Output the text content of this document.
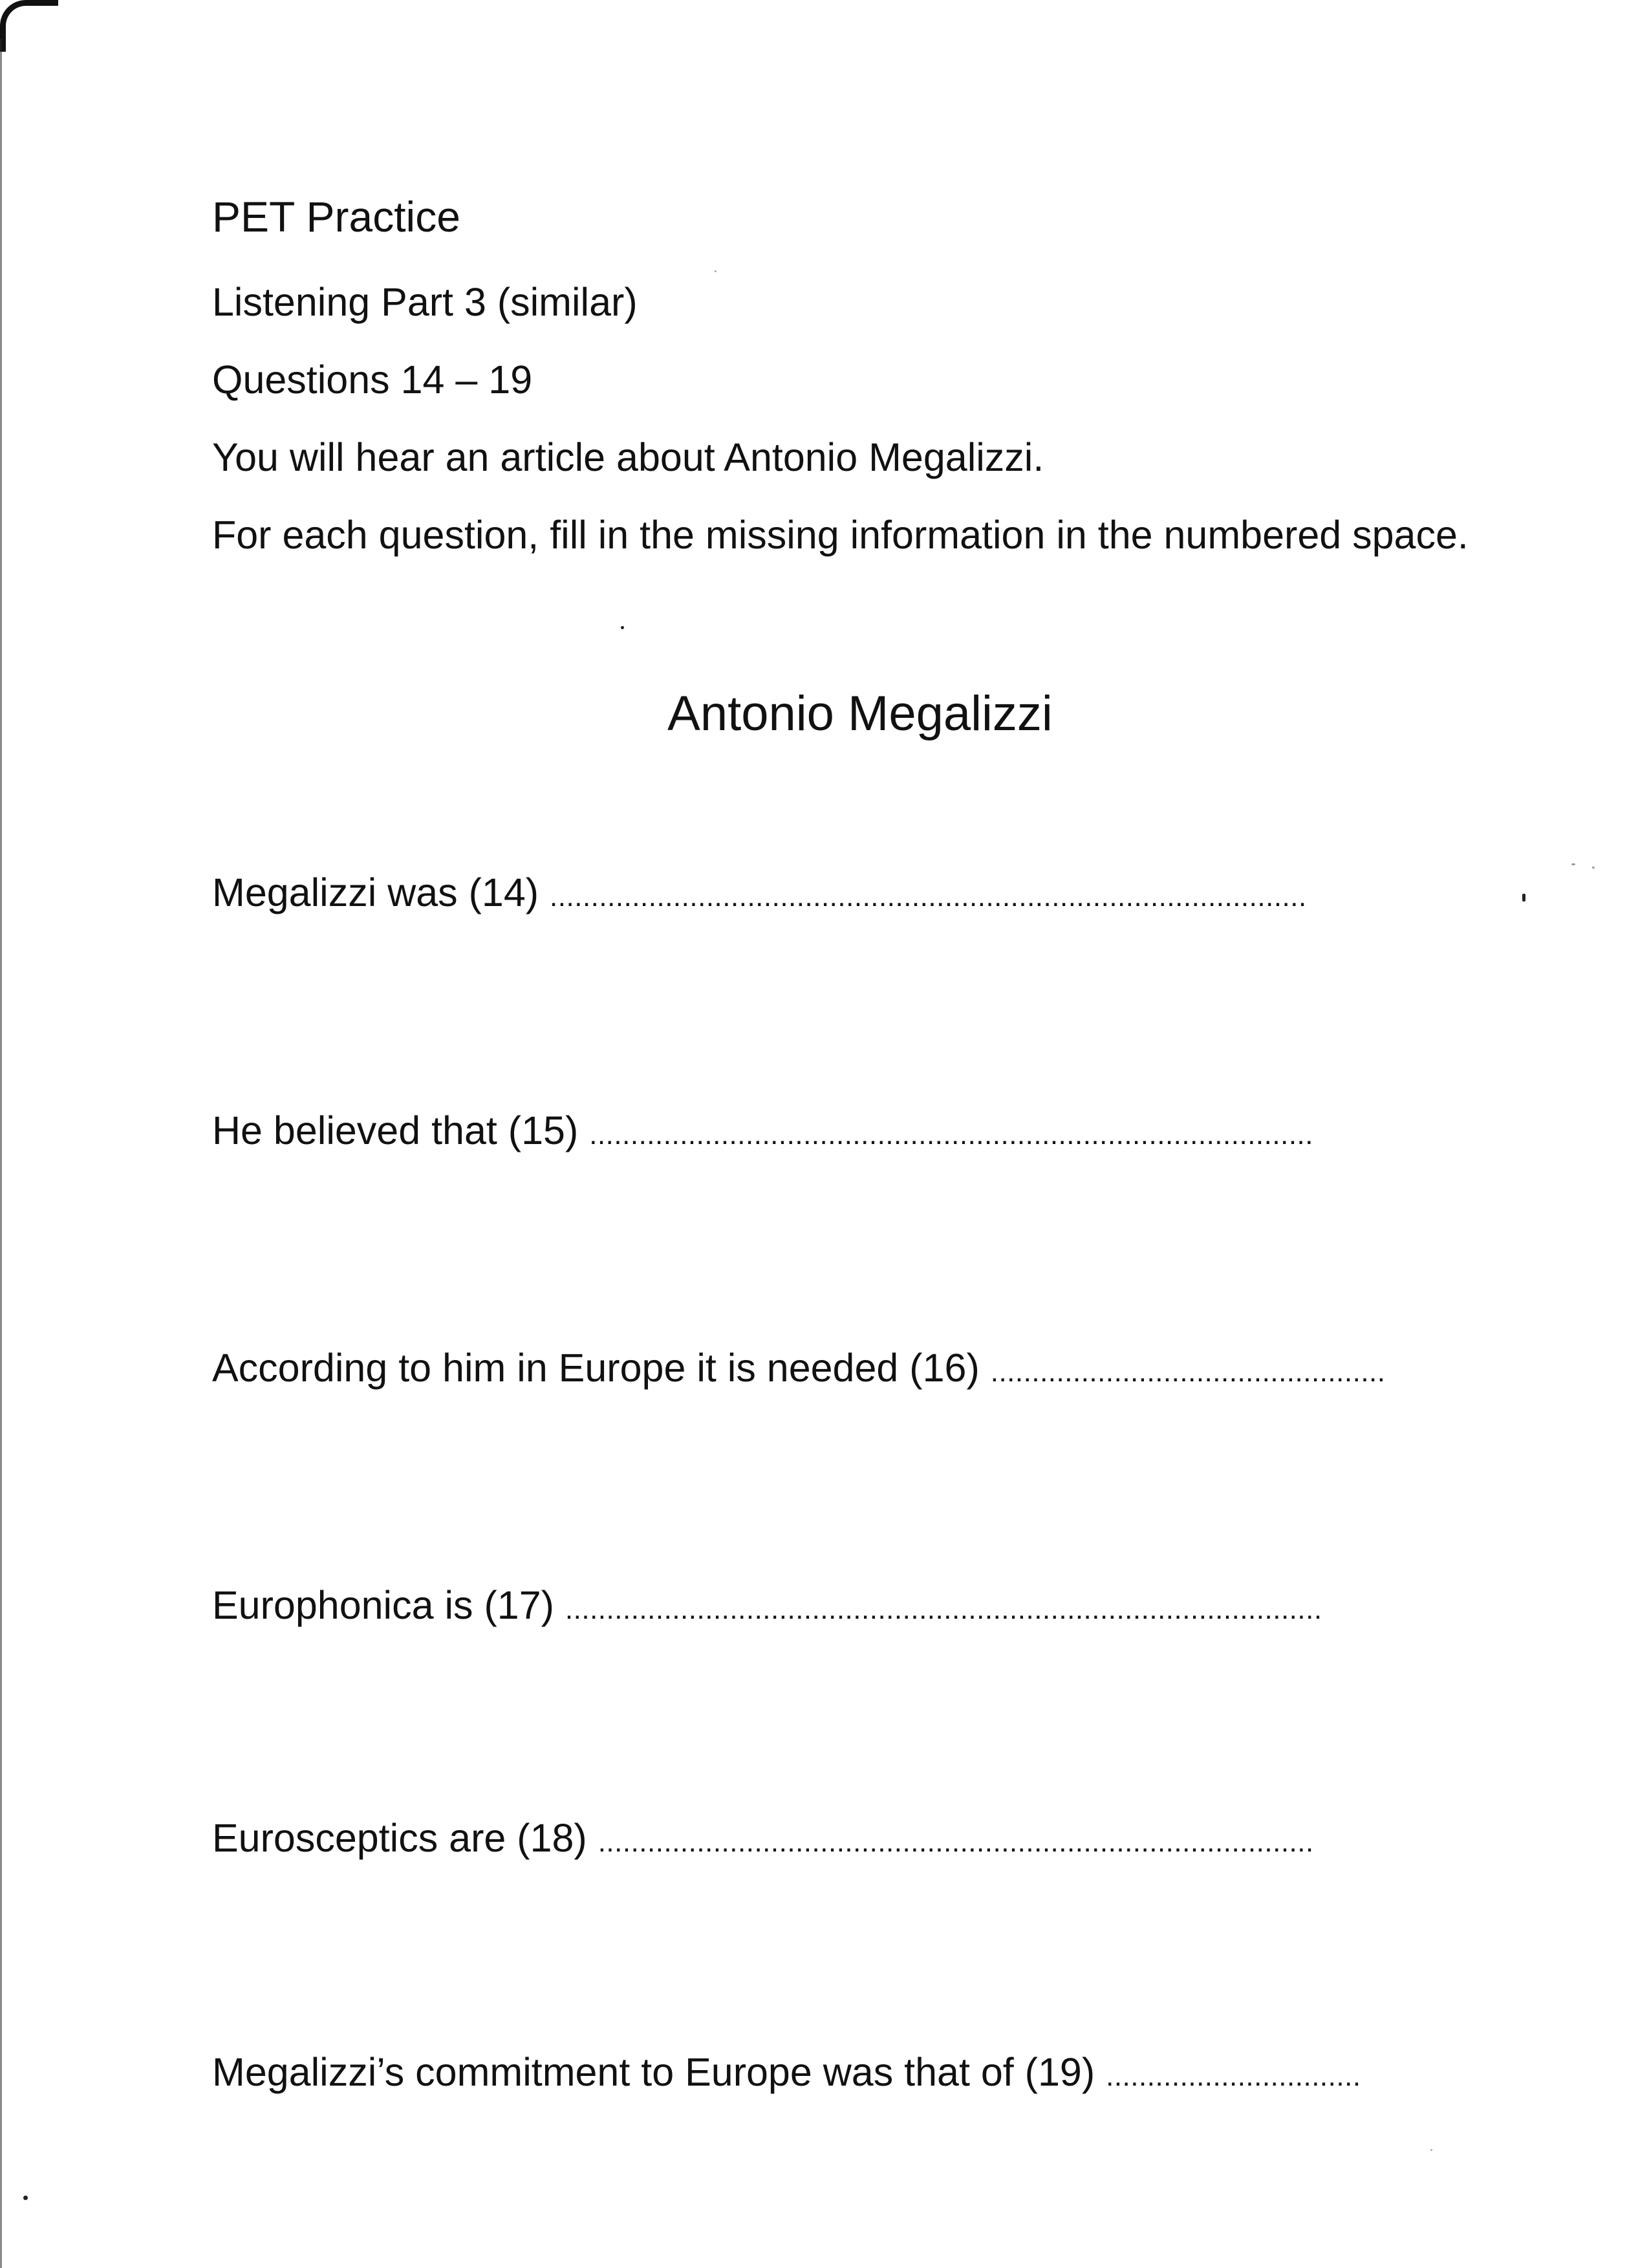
PET Practice
Listening Part 3 (similar)
Questions 14 – 19
You will hear an article about Antonio Megalizzi.
For each question, fill in the missing information in the numbered space.
Antonio Megalizzi
Megalizzi was (14) ............................................................................................
He believed that (15) ........................................................................................
According to him in Europe it is needed (16) ................................................
Europhonica is (17) ............................................................................................
Eurosceptics are (18) .......................................................................................
Megalizzi’s commitment to Europe was that of (19) ...............................
